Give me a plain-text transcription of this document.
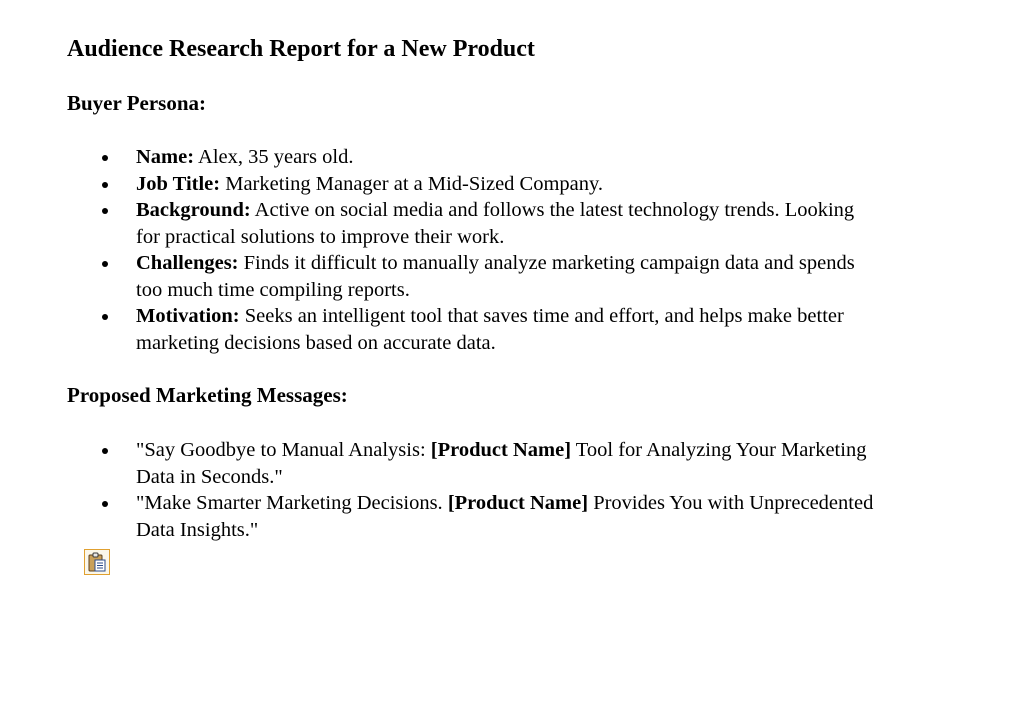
Audience Research Report for a New Product
Buyer Persona:
Name: Alex, 35 years old.
Job Title: Marketing Manager at a Mid-Sized Company.
Background: Active on social media and follows the latest technology trends. Looking for practical solutions to improve their work.
Challenges: Finds it difficult to manually analyze marketing campaign data and spends too much time compiling reports.
Motivation: Seeks an intelligent tool that saves time and effort, and helps make better marketing decisions based on accurate data.
Proposed Marketing Messages:
"Say Goodbye to Manual Analysis: [Product Name] Tool for Analyzing Your Marketing Data in Seconds."
"Make Smarter Marketing Decisions. [Product Name] Provides You with Unprecedented Data Insights."
